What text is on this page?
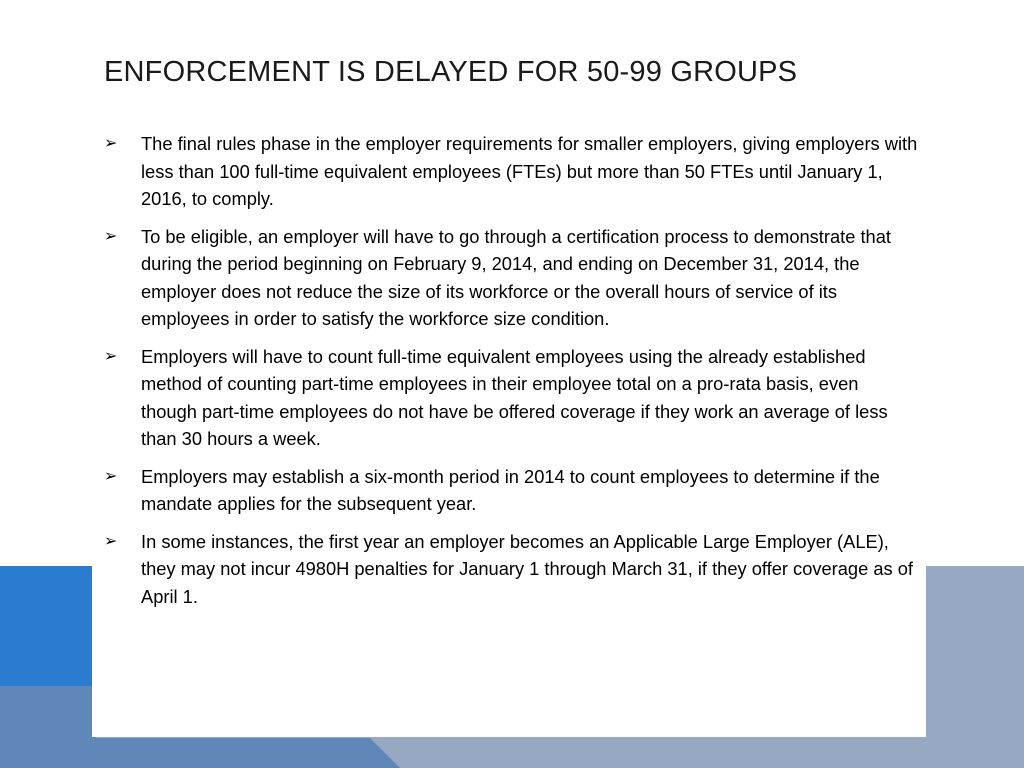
ENFORCEMENT IS DELAYED FOR 50-99 GROUPS
➢	The final rules phase in the employer requirements for smaller employers, giving employers with less than 100 full-time equivalent employees (FTEs) but more than 50 FTEs until January 1, 2016, to comply.
➢	To be eligible, an employer will have to go through a certification process to demonstrate that during the period beginning on February 9, 2014, and ending on December 31, 2014, the employer does not reduce the size of its workforce or the overall hours of service of its employees in order to satisfy the workforce size condition.
➢	Employers will have to count full-time equivalent employees using the already established method of counting part-time employees in their employee total on a pro-rata basis, even though part-time employees do not have be offered coverage if they work an average of less than 30 hours a week.
➢	Employers may establish a six-month period in 2014 to count employees to determine if the mandate applies for the subsequent year.
➢	In some instances, the first year an employer becomes an Applicable Large Employer (ALE), they may not incur 4980H penalties for January 1 through March 31, if they offer coverage as of April 1.
